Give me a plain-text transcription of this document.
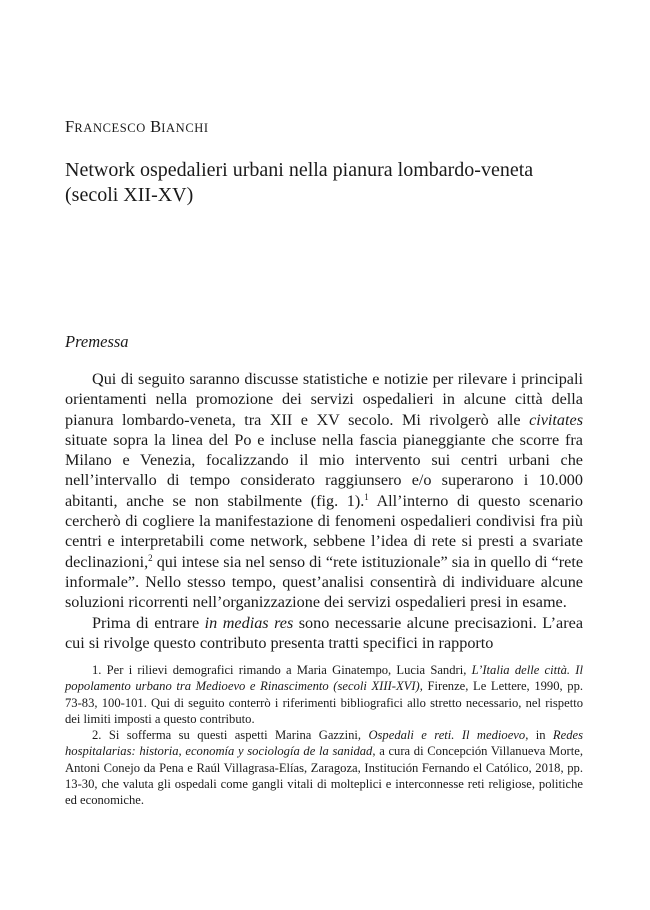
FRANCESCO BIANCHI
Network ospedalieri urbani nella pianura lombardo-veneta
(secoli XII-XV)
Premessa

Qui di seguito saranno discusse statistiche e notizie per rilevare i principali orientamenti nella promozione dei servizi ospedalieri in alcune città della pianura lombardo-veneta, tra XII e XV secolo. Mi rivolgerò alle civitates situate sopra la linea del Po e incluse nella fascia pianeggiante che scorre fra Milano e Venezia, focalizzando il mio intervento sui centri urbani che nell’intervallo di tempo considerato raggiunsero e/o superarono i 10.000 abitanti, anche se non stabilmente (fig. 1).$^1$ All’interno di questo scenario cercherò di cogliere la manifestazione di fenomeni ospedalieri condivisi fra più centri e interpretabili come network, sebbene l’idea di rete si presti a svariate declinazioni,$^2$ qui intese sia nel senso di “rete istituzionale” sia in quello di “rete informale”. Nello stesso tempo, quest’analisi consentirà di individuare alcune soluzioni ricorrenti nell’organizzazione dei servizi ospedalieri presi in esame.

Prima di entrare in medias res sono necessarie alcune precisazioni. L’area cui si rivolge questo contributo presenta tratti specifici in rapporto

1. Per i rilievi demografici rimando a Maria Ginatempo, Lucia Sandri, L’Italia delle città. Il popolamento urbano tra Medioevo e Rinascimento (secoli XIII-XVI), Firenze, Le Lettere, 1990, pp. 73-83, 100-101. Qui di seguito conterrò i riferimenti bibliografici allo stretto necessario, nel rispetto dei limiti imposti a questo contributo.

2. Si sofferma su questi aspetti Marina Gazzini, Ospedali e reti. Il medioevo, in Redes hospitalarias: historia, economía y sociología de la sanidad, a cura di Concepción Villanueva Morte, Antoni Conejo da Pena e Raúl Villagrasa-Elías, Zaragoza, Institución Fernando el Católico, 2018, pp. 13-30, che valuta gli ospedali come gangli vitali di molteplici e interconnesse reti religiose, politiche ed economiche.
